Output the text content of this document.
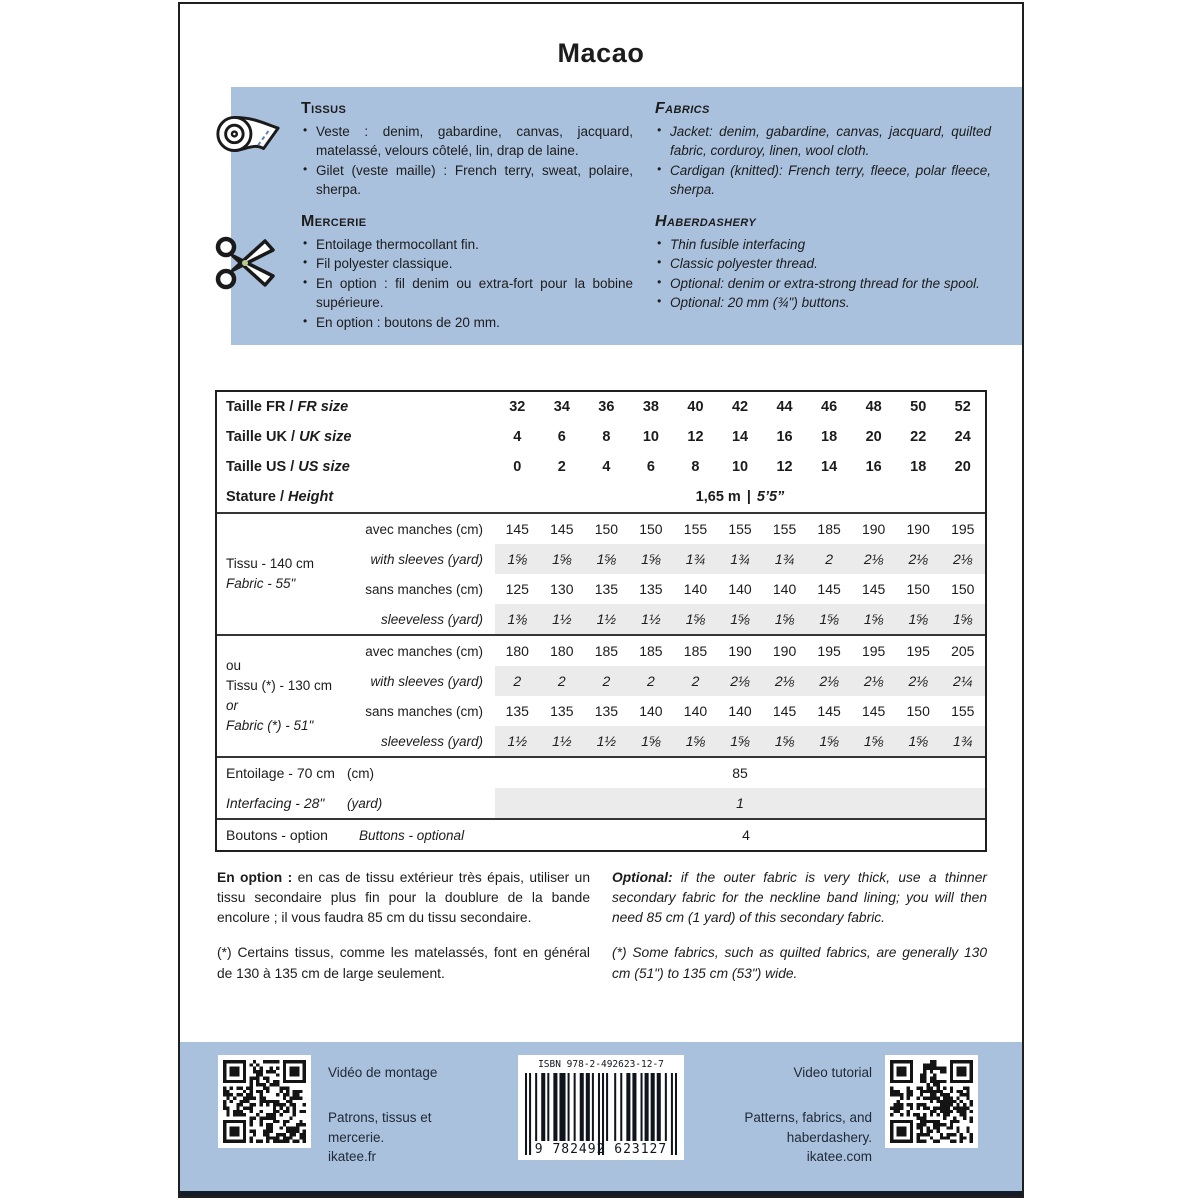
Macao
Tissus
• Veste : denim, gabardine, canvas, jacquard, matelassé, velours côtelé, lin, drap de laine.
• Gilet (veste maille) : French terry, sweat, polaire, sherpa.
Fabrics
• Jacket: denim, gabardine, canvas, jacquard, quilted fabric, corduroy, linen, wool cloth.
• Cardigan (knitted): French terry, fleece, polar fleece, sherpa.
Mercerie
• Entoilage thermocollant fin.
• Fil polyester classique.
• En option : fil denim ou extra-fort pour la bobine supérieure.
• En option : boutons de 20 mm.
Haberdashery
• Thin fusible interfacing
• Classic polyester thread.
• Optional: denim or extra-strong thread for the spool.
• Optional: 20 mm (¾") buttons.
Taille FR / FR size	32	34	36	38	40	42	44	46	48	50	52
Taille UK / UK size	4	6	8	10	12	14	16	18	20	22	24
Taille US / US size	0	2	4	6	8	10	12	14	16	18	20
Stature / Height	1,65 m | 5’5”
Tissu - 140 cm
Fabric - 55"
avec manches (cm)	145	145	150	150	155	155	155	185	190	190	195
with sleeves (yard)	1⅝	1⅝	1⅝	1⅝	1¾	1¾	1¾	2	2⅛	2⅛	2⅛
sans manches (cm)	125	130	135	135	140	140	140	145	145	150	150
sleeveless (yard)	1⅜	1½	1½	1½	1⅝	1⅝	1⅝	1⅝	1⅝	1⅝	1⅝
ou
Tissu (*) - 130 cm
or
Fabric (*) - 51"
avec manches (cm)	180	180	185	185	185	190	190	195	195	195	205
with sleeves (yard)	2	2	2	2	2	2⅛	2⅛	2⅛	2⅛	2⅛	2¼
sans manches (cm)	135	135	135	140	140	140	145	145	145	150	155
sleeveless (yard)	1½	1½	1½	1⅝	1⅝	1⅝	1⅝	1⅝	1⅝	1⅝	1¾
Entoilage - 70 cm (cm)	85
Interfacing - 28"	(yard)	1
Boutons - option	Buttons - optional	4

En option : en cas de tissu extérieur très épais, utiliser un tissu secondaire plus fin pour la doublure de la bande encolure ; il vous faudra 85 cm du tissu secondaire.

(*) Certains tissus, comme les matelassés, font en général de 130 à 135 cm de large seulement.

Optional: if the outer fabric is very thick, use a thinner secondary fabric for the neckline band lining; you will then need 85 cm (1 yard) of this secondary fabric.

(*) Some fabrics, such as quilted fabrics, are generally 130 cm (51") to 135 cm (53") wide.

Vidéo de montage
Patrons, tissus et mercerie.
ikatee.fr
ISBN 978-2-492623-12-7
9 782492 623127
Video tutorial
Patterns, fabrics, and haberdashery.
ikatee.com
